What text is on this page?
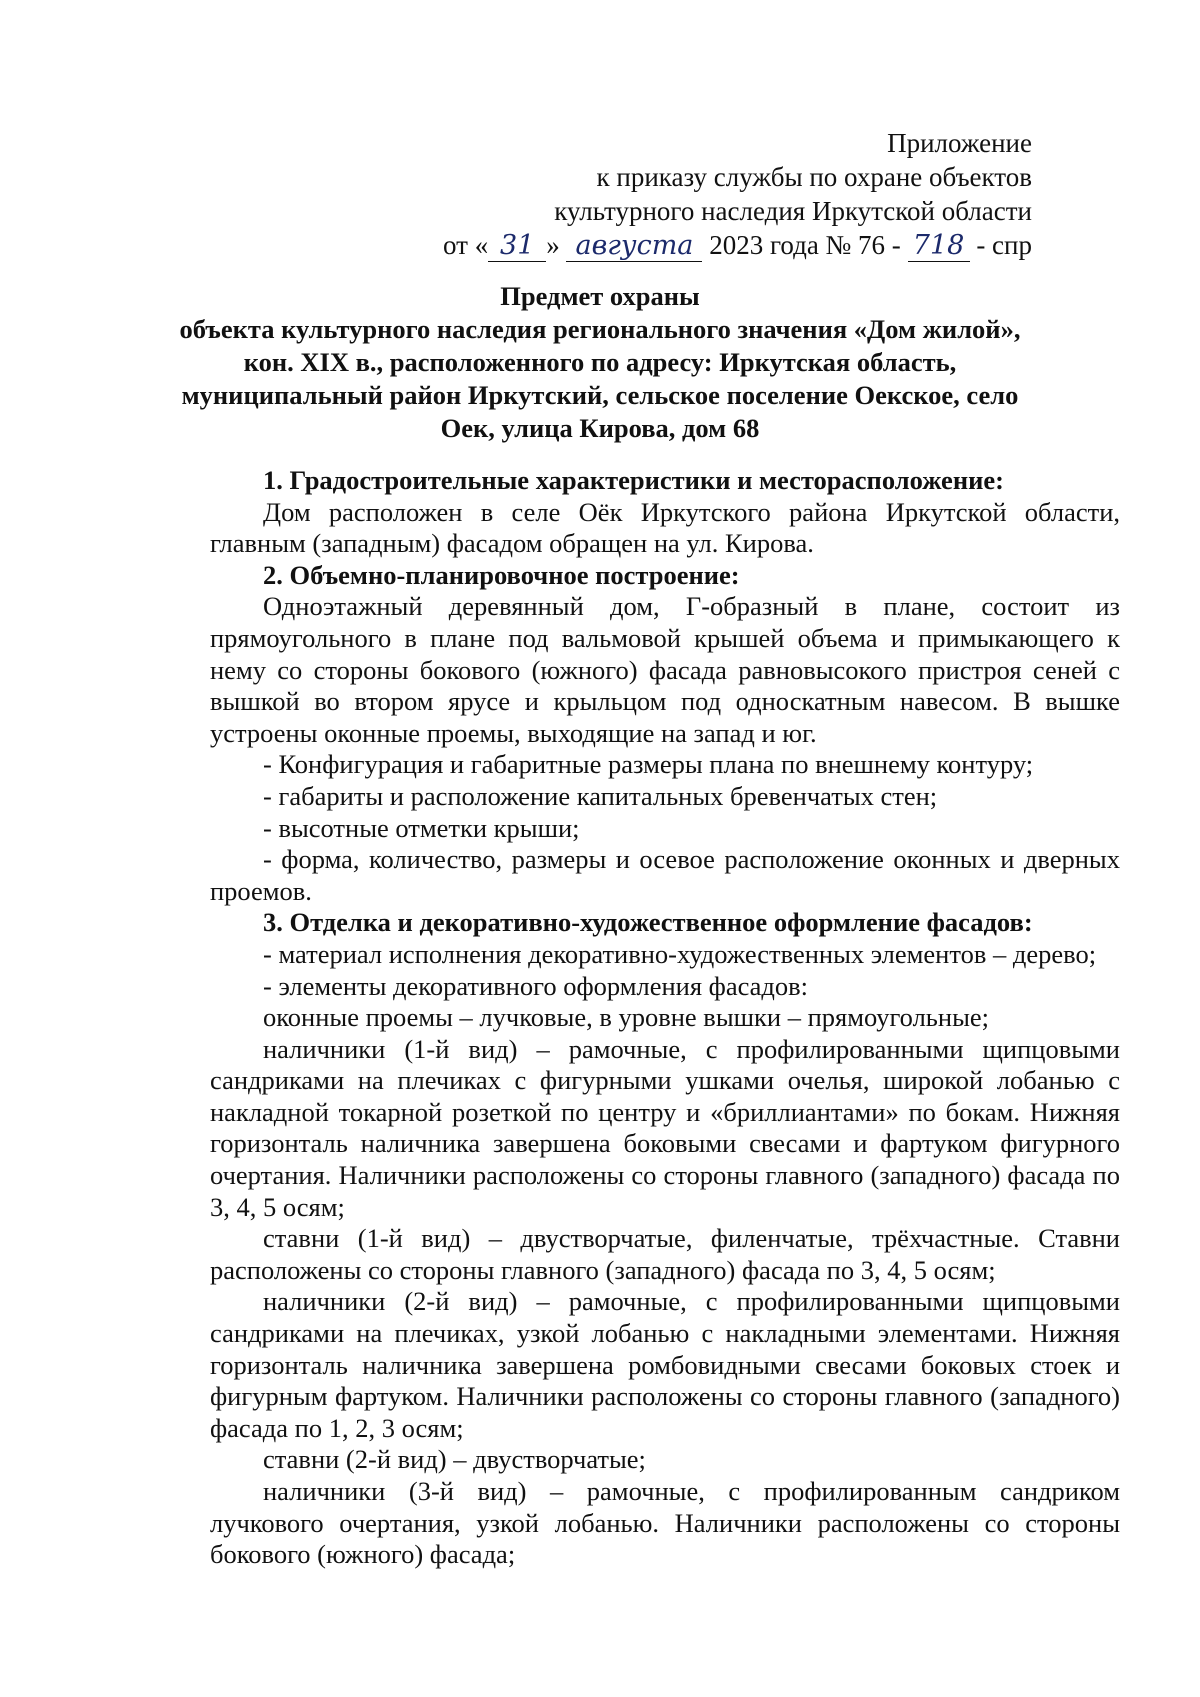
Приложение
к приказу службы по охране объектов
культурного наследия Иркутской области
от « 31 » августа 2023 года № 76 - 718 - спр
Предмет охраны
объекта культурного наследия регионального значения «Дом жилой»,
кон. XIX в., расположенного по адресу: Иркутская область,
муниципальный район Иркутский, сельское поселение Оекское, село
Оек, улица Кирова, дом 68

1. Градостроительные характеристики и месторасположение:

Дом расположен в селе Оёк Иркутского района Иркутской области, главным (западным) фасадом обращен на ул. Кирова.

2. Объемно-планировочное построение:

Одноэтажный деревянный дом, Г-образный в плане, состоит из прямоугольного в плане под вальмовой крышей объема и примыкающего к нему со стороны бокового (южного) фасада равновысокого пристроя сеней с вышкой во втором ярусе и крыльцом под односкатным навесом. В вышке устроены оконные проемы, выходящие на запад и юг.

- Конфигурация и габаритные размеры плана по внешнему контуру;

- габариты и расположение капитальных бревенчатых стен;

- высотные отметки крыши;

- форма, количество, размеры и осевое расположение оконных и дверных проемов.

3. Отделка и декоративно-художественное оформление фасадов:

- материал исполнения декоративно-художественных элементов – дерево;

- элементы декоративного оформления фасадов:

оконные проемы – лучковые, в уровне вышки – прямоугольные;

наличники (1-й вид) – рамочные, с профилированными щипцовыми сандриками на плечиках с фигурными ушками очелья, широкой лобанью с накладной токарной розеткой по центру и «бриллиантами» по бокам. Нижняя горизонталь наличника завершена боковыми свесами и фартуком фигурного очертания. Наличники расположены со стороны главного (западного) фасада по 3, 4, 5 осям;

ставни (1-й вид) – двустворчатые, филенчатые, трёхчастные. Ставни расположены со стороны главного (западного) фасада по 3, 4, 5 осям;

наличники (2-й вид) – рамочные, с профилированными щипцовыми сандриками на плечиках, узкой лобанью с накладными элементами. Нижняя горизонталь наличника завершена ромбовидными свесами боковых стоек и фигурным фартуком. Наличники расположены со стороны главного (западного) фасада по 1, 2, 3 осям;

ставни (2-й вид) – двустворчатые;

наличники (3-й вид) – рамочные, с профилированным сандриком лучкового очертания, узкой лобанью. Наличники расположены со стороны бокового (южного) фасада;
